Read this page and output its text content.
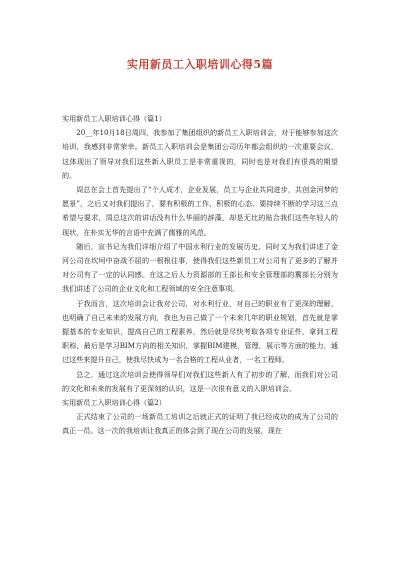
实用新员工入职培训心得5篇
实用新员工入职培训心得（篇1）

20__年10月18日周四，我参加了集团组织的新员工入职培训会，对于能够参加这次培训，我感到非常荣幸。新员工入职培训会是集团公司历年都会组织的一次重要会议，这体现出了领导对我们这些新入职员工是非常重视的，同时也是对我们有很高的期望的。

周总在会上首先提出了“个人成才，企业发展，员工与企业共同进步，共创金河梦的愿景”，之后又对我们提出了，要有积极的工作、积极的心态、要持续不断的学习这三点希望与要求，周总这次的讲话没有什么华丽的辞藻，却是无比的贴合我们这些年轻人的现状，在朴实无华的言语中充满了儒雅的风范。

随后，宣书记为我们详细介绍了中国水利行业的发展历史，同时又为我们讲述了金河公司在坎坷中奋战不屈的一根根往事，使得我们这些新员工对公司有了更多的了解并对公司有了一定的认同感。在这之后人力资源部的王部长和安全管理部的冀部长分别为我们讲述了公司的企业文化和工程领域的安全注意事项。

于我而言，这次培训会让我对公司，对水利行业，对自己的职业有了更深的理解，也明确了自己未来的发展方向，我也为自己做了一个未来几年的职业规划，首先就是掌握基本的专业知识，提高自己的工程素养，然后就是尽快考取各项专业证件，拿到工程职称，最后是学习BIM方向的相关知识，掌握BIM建模，管理，展示等方面的能力，通过这些来提升自己，使我尽快成为一名合格的工程从业者，一名工程师。

总之，通过这次培训会使得领导们对我们这些新人有了初步的了解，而我们对公司的文化和未来的发展有了更深刻的认识，这是一次很有意义的入职培训会。

实用新员工入职培训心得（篇2）

正式结束了公司的一场新员工培训之后就正式的证明了我已经成功的成为了公司的真正一员。这一次的我培训让我真正的体会到了现在公司的发展，现在
